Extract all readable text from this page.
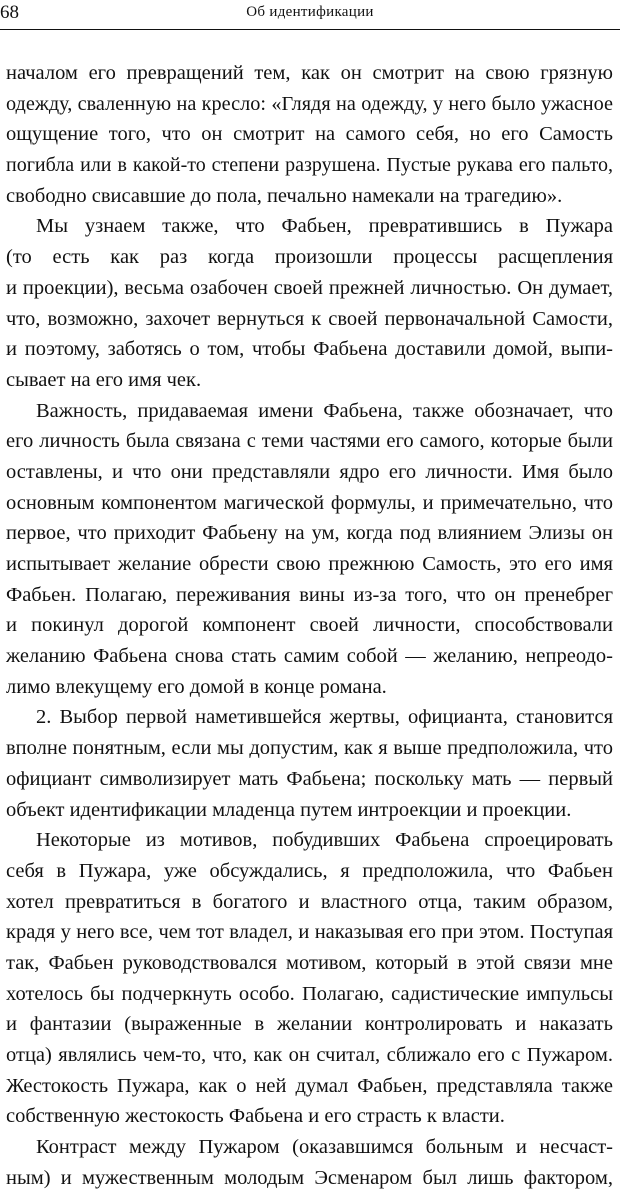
68	Об идентификации
началом его превращений тем, как он смотрит на свою грязную
одежду, сваленную на кресло: «Глядя на одежду, у него было ужасное
ощущение того, что он смотрит на самого себя, но его Самость
погибла или в какой-то степени разрушена. Пустые рукава его пальто,
свободно свисавшие до пола, печально намекали на трагедию».
Мы узнаем также, что Фабьен, превратившись в Пужара
(то есть как раз когда произошли процессы расщепления
и проекции), весьма озабочен своей прежней личностью. Он думает,
что, возможно, захочет вернуться к своей первоначальной Самости,
и поэтому, заботясь о том, чтобы Фабьена доставили домой, выпи-
сывает на его имя чек.
Важность, придаваемая имени Фабьена, также обозначает, что
его личность была связана с теми частями его самого, которые были
оставлены, и что они представляли ядро его личности. Имя было
основным компонентом магической формулы, и примечательно, что
первое, что приходит Фабьену на ум, когда под влиянием Элизы он
испытывает желание обрести свою прежнюю Самость, это его имя
Фабьен. Полагаю, переживания вины из-за того, что он пренебрег
и покинул дорогой компонент своей личности, способствовали
желанию Фабьена снова стать самим собой — желанию, непреодо-
лимо влекущему его домой в конце романа.
2. Выбор первой наметившейся жертвы, официанта, становится
вполне понятным, если мы допустим, как я выше предположила, что
официант символизирует мать Фабьена; поскольку мать — первый
объект идентификации младенца путем интроекции и проекции.
Некоторые из мотивов, побудивших Фабьена спроецировать
себя в Пужара, уже обсуждались, я предположила, что Фабьен
хотел превратиться в богатого и властного отца, таким образом,
крадя у него все, чем тот владел, и наказывая его при этом. Поступая
так, Фабьен руководствовался мотивом, который в этой связи мне
хотелось бы подчеркнуть особо. Полагаю, садистические импульсы
и фантазии (выраженные в желании контролировать и наказать
отца) являлись чем-то, что, как он считал, сближало его с Пужаром.
Жестокость Пужара, как о ней думал Фабьен, представляла также
собственную жестокость Фабьена и его страсть к власти.
Контраст между Пужаром (оказавшимся больным и несчаст-
ным) и мужественным молодым Эсменаром был лишь фактором,
